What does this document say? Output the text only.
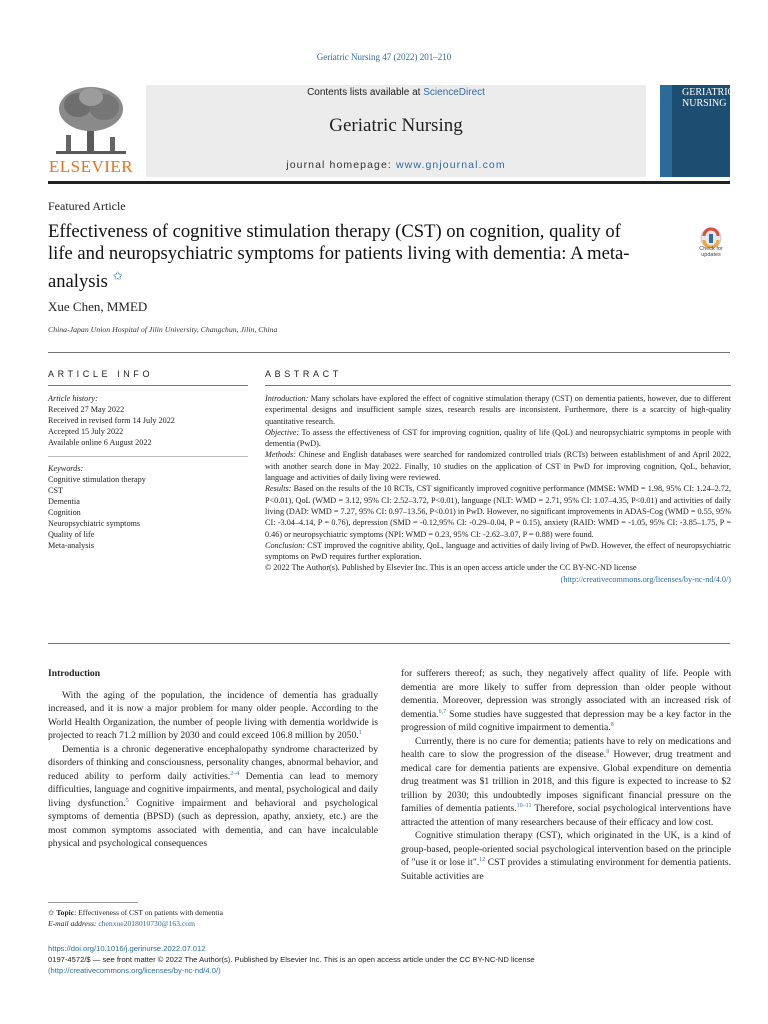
Geriatric Nursing 47 (2022) 201–210
ELSEVIER
Contents lists available at ScienceDirect
Geriatric Nursing
journal homepage: www.gnjournal.com
GERIATRIC
NURSING
Featured Article
Effectiveness of cognitive stimulation therapy (CST) on cognition, quality of life and neuropsychiatric symptoms for patients living with dementia: A meta-analysis ✩
Check for updates
Xue Chen, MMED
China-Japan Union Hospital of Jilin University, Changchun, Jilin, China
ARTICLE INFO	ABSTRACT
Article history:
Received 27 May 2022
Received in revised form 14 July 2022
Accepted 15 July 2022
Available online 6 August 2022
Keywords:
Cognitive stimulation therapy
CST
Dementia
Cognition
Neuropsychiatric symptoms
Quality of life
Meta-analysis

Introduction: Many scholars have explored the effect of cognitive stimulation therapy (CST) on dementia patients, however, due to different experimental designs and insufficient sample sizes, research results are inconsistent. Furthermore, there is a scarcity of high-quality quantitative research.

Objective: To assess the effectiveness of CST for improving cognition, quality of life (QoL) and neuropsychiatric symptoms in people with dementia (PwD).

Methods: Chinese and English databases were searched for randomized controlled trials (RCTs) between establishment of and April 2022, with another search done in May 2022. Finally, 10 studies on the application of CST in PwD for improving cognition, QoL, behavior, language and activities of daily living were reviewed.

Results: Based on the results of the 10 RCTs, CST significantly improved cognitive performance (MMSE: WMD = 1.98, 95% CI: 1.24–2.72, P<0.01), QoL (WMD = 3.12, 95% CI: 2.52–3.72, P<0.01), language (NLT: WMD = 2.71, 95% CI: 1.07–4.35, P<0.01) and activities of daily living (DAD: WMD = 7.27, 95% CI: 0.97–13.56, P<0.01) in PwD. However, no significant improvements in ADAS-Cog (WMD = 0.55, 95% CI: -3.04–4.14, P = 0.76), depression (SMD = -0.12,95% CI: -0.29–0.04, P = 0.15), anxiety (RAID: WMD = -1.05, 95% CI: -3.85–1.75, P = 0.46) or neuropsychiatric symptoms (NPI: WMD = 0.23, 95% CI: -2.62–3.07, P = 0.88) were found.

Conclusion: CST improved the cognitive ability, QoL, language and activities of daily living of PwD. However, the effect of neuropsychiatric symptoms on PwD requires further exploration.

© 2022 The Author(s). Published by Elsevier Inc. This is an open access article under the CC BY-NC-ND license

(http://creativecommons.org/licenses/by-nc-nd/4.0/)

Introduction

With the aging of the population, the incidence of dementia has gradually increased, and it is now a major problem for many older people. According to the World Health Organization, the number of people living with dementia worldwide is projected to reach 71.2 million by 2030 and could exceed 106.8 million by 2050.$^1$

Dementia is a chronic degenerative encephalopathy syndrome characterized by disorders of thinking and consciousness, personality changes, abnormal behavior, and reduced ability to perform daily activities.$^{2-4}$ Dementia can lead to memory difficulties, language and cognitive impairments, and mental, psychological and daily living dysfunction.$^5$ Cognitive impairment and behavioral and psychological symptoms of dementia (BPSD) (such as depression, apathy, anxiety, etc.) are the most common symptoms associated with dementia, and can have incalculable physical and psychological consequences

for sufferers thereof; as such, they negatively affect quality of life. People with dementia are more likely to suffer from depression than older people without dementia. Moreover, depression was strongly associated with an increased risk of dementia.$^{6,7}$ Some studies have suggested that depression may be a key factor in the progression of mild cognitive impairment to dementia.$^8$

Currently, there is no cure for dementia; patients have to rely on medications and health care to slow the progression of the disease.$^9$ However, drug treatment and medical care for dementia patients are expensive. Global expenditure on dementia drug treatment was $1 trillion in 2018, and this figure is expected to increase to $2 trillion by 2030; this undoubtedly imposes significant financial pressure on the families of dementia patients.$^{10-11}$ Therefore, social psychological interventions have attracted the attention of many researchers because of their efficacy and low cost.

Cognitive stimulation therapy (CST), which originated in the UK, is a kind of group-based, people-oriented social psychological intervention based on the principle of "use it or lose it".$^{12}$ CST provides a stimulating environment for dementia patients. Suitable activities are

✩ Topic: Effectiveness of CST on patients with dementia
E-mail address: chenxue2018010730@163.com
https://doi.org/10.1016/j.gerinurse.2022.07.012
0197-4572/$ — see front matter © 2022 The Author(s). Published by Elsevier Inc. This is an open access article under the CC BY-NC-ND license
(http://creativecommons.org/licenses/by-nc-nd/4.0/)
